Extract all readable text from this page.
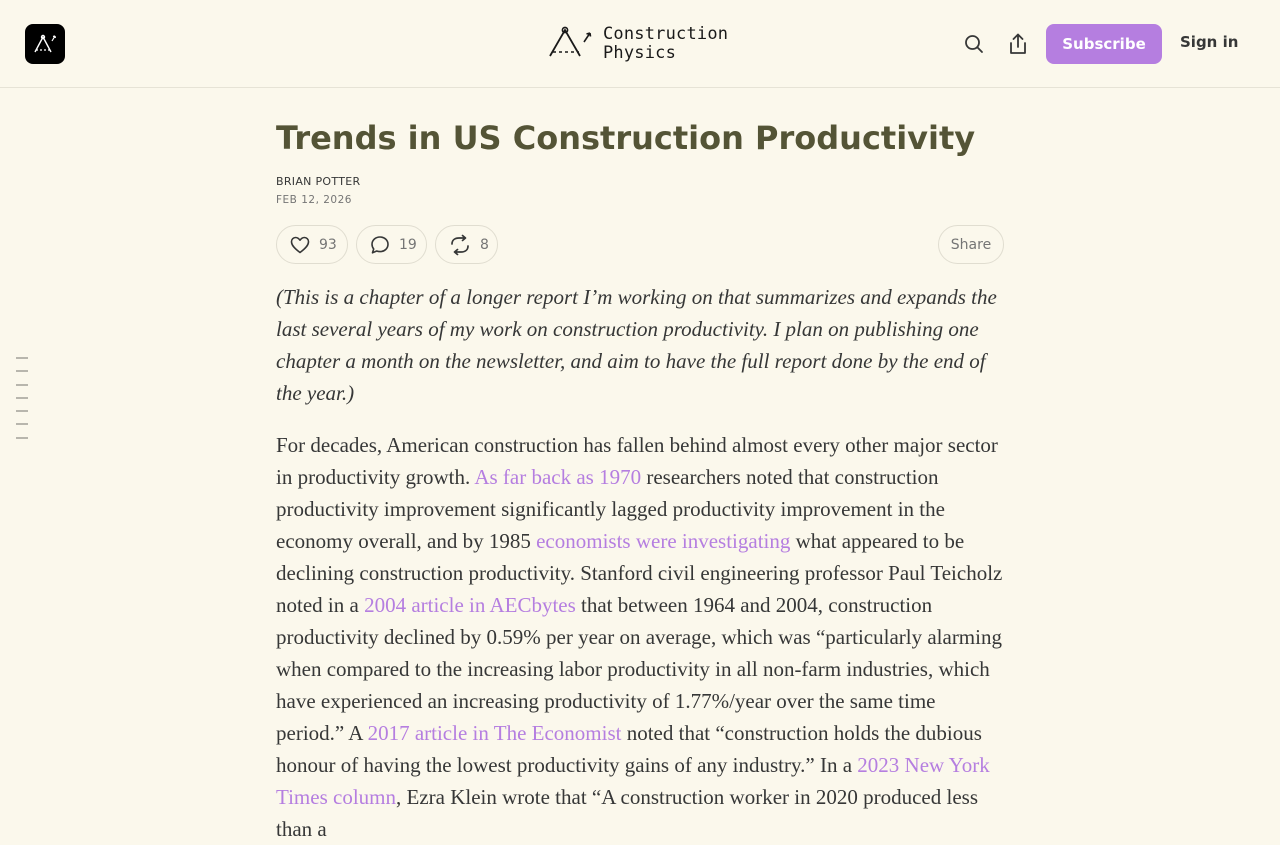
Construction
Physics	Subscribe	Sign in
Trends in US Construction Productivity
BRIAN POTTER
FEB 12, 2026
93	19	8	Share

(This is a chapter of a longer report I’m working on that summarizes and expands the last several years of my work on construction productivity. I plan on publishing one chapter a month on the newsletter, and aim to have the full report done by the end of the year.)

For decades, American construction has fallen behind almost every other major sector in productivity growth. As far back as 1970 researchers noted that construction productivity improvement significantly lagged productivity improvement in the economy overall, and by 1985 economists were investigating what appeared to be declining construction productivity. Stanford civil engineering professor Paul Teicholz noted in a 2004 article in AECbytes that between 1964 and 2004, construction productivity declined by 0.59% per year on average, which was “particularly alarming when compared to the increasing labor productivity in all non-farm industries, which have experienced an increasing productivity of 1.77%/year over the same time period.” A 2017 article in The Economist noted that “construction holds the dubious honour of having the lowest productivity gains of any industry.” In a 2023 New York Times column, Ezra Klein wrote that “A construction worker in 2020 produced less than a
